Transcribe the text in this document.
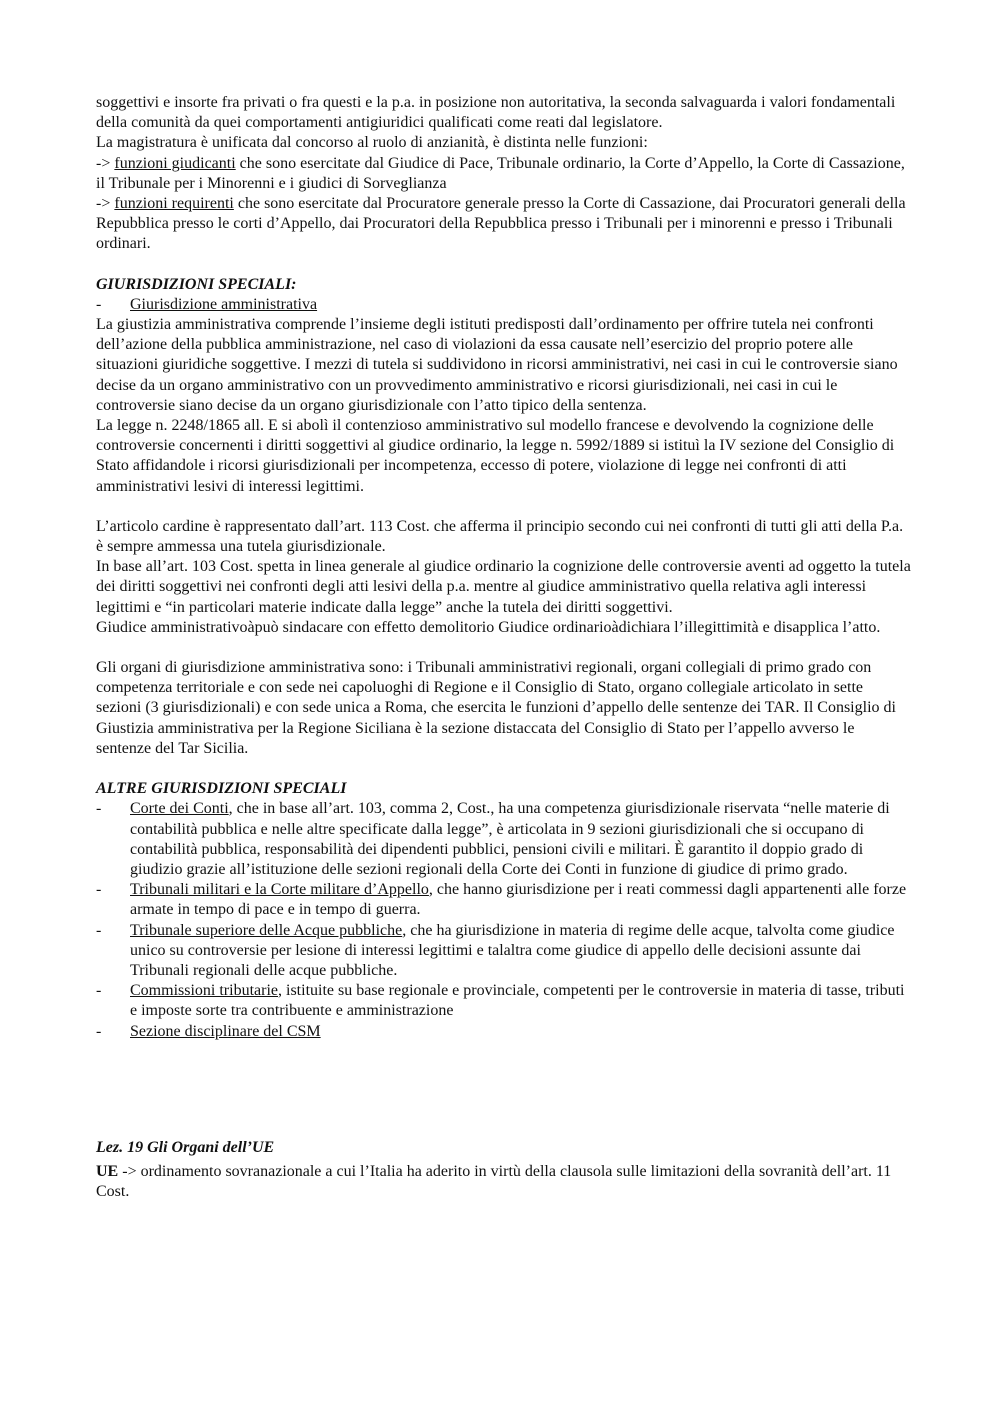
soggettivi e insorte fra privati o fra questi e la p.a. in posizione non autoritativa, la seconda salvaguarda i valori fondamentali della comunità da quei comportamenti antigiuridici qualificati come reati dal legislatore.

La magistratura è unificata dal concorso al ruolo di anzianità, è distinta nelle funzioni:

-> funzioni giudicanti che sono esercitate dal Giudice di Pace, Tribunale ordinario, la Corte d’Appello, la Corte di Cassazione, il Tribunale per i Minorenni e i giudici di Sorveglianza

-> funzioni requirenti che sono esercitate dal Procuratore generale presso la Corte di Cassazione, dai Procuratori generali della Repubblica presso le corti d’Appello, dai Procuratori della Repubblica presso i Tribunali per i minorenni e presso i Tribunali ordinari.

GIURISDIZIONI SPECIALI:

-	Giurisdizione amministrativa

La giustizia amministrativa comprende l’insieme degli istituti predisposti dall’ordinamento per offrire tutela nei confronti dell’azione della pubblica amministrazione, nel caso di violazioni da essa causate nell’esercizio del proprio potere alle situazioni giuridiche soggettive. I mezzi di tutela si suddividono in ricorsi amministrativi, nei casi in cui le controversie siano decise da un organo amministrativo con un provvedimento amministrativo e ricorsi giurisdizionali, nei casi in cui le controversie siano decise da un organo giurisdizionale con l’atto tipico della sentenza.

La legge n. 2248/1865 all. E si abolì il contenzioso amministrativo sul modello francese e devolvendo la cognizione delle controversie concernenti i diritti soggettivi al giudice ordinario, la legge n. 5992/1889 si istituì la IV sezione del Consiglio di Stato affidandole i ricorsi giurisdizionali per incompetenza, eccesso di potere, violazione di legge nei confronti di atti amministrativi lesivi di interessi legittimi.

L’articolo cardine è rappresentato dall’art. 113 Cost. che afferma il principio secondo cui nei confronti di tutti gli atti della P.a. è sempre ammessa una tutela giurisdizionale.

In base all’art. 103 Cost. spetta in linea generale al giudice ordinario la cognizione delle controversie aventi ad oggetto la tutela dei diritti soggettivi nei confronti degli atti lesivi della p.a. mentre al giudice amministrativo quella relativa agli interessi legittimi e “in particolari materie indicate dalla legge” anche la tutela dei diritti soggettivi.

Giudice amministrativoàpuò sindacare con effetto demolitorio Giudice ordinarioàdichiara l’illegittimità e disapplica l’atto.

Gli organi di giurisdizione amministrativa sono: i Tribunali amministrativi regionali, organi collegiali di primo grado con competenza territoriale e con sede nei capoluoghi di Regione e il Consiglio di Stato, organo collegiale articolato in sette sezioni (3 giurisdizionali) e con sede unica a Roma, che esercita le funzioni d’appello delle sentenze dei TAR. Il Consiglio di Giustizia amministrativa per la Regione Siciliana è la sezione distaccata del Consiglio di Stato per l’appello avverso le sentenze del Tar Sicilia.

ALTRE GIURISDIZIONI SPECIALI

-	Corte dei Conti, che in base all’art. 103, comma 2, Cost., ha una competenza giurisdizionale riservata “nelle materie di contabilità pubblica e nelle altre specificate dalla legge”, è articolata in 9 sezioni giurisdizionali che si occupano di contabilità pubblica, responsabilità dei dipendenti pubblici, pensioni civili e militari. È garantito il doppio grado di giudizio grazie all’istituzione delle sezioni regionali della Corte dei Conti in funzione di giudice di primo grado.
-	Tribunali militari e la Corte militare d’Appello, che hanno giurisdizione per i reati commessi dagli appartenenti alle forze armate in tempo di pace e in tempo di guerra.
-	Tribunale superiore delle Acque pubbliche, che ha giurisdizione in materia di regime delle acque, talvolta come giudice unico su controversie per lesione di interessi legittimi e talaltra come giudice di appello delle decisioni assunte dai Tribunali regionali delle acque pubbliche.
-	Commissioni tributarie, istituite su base regionale e provinciale, competenti per le controversie in materia di tasse, tributi e imposte sorte tra contribuente e amministrazione
-	Sezione disciplinare del CSM

Lez. 19 Gli Organi dell’UE

UE -> ordinamento sovranazionale a cui l’Italia ha aderito in virtù della clausola sulle limitazioni della sovranità dell’art. 11 Cost.
